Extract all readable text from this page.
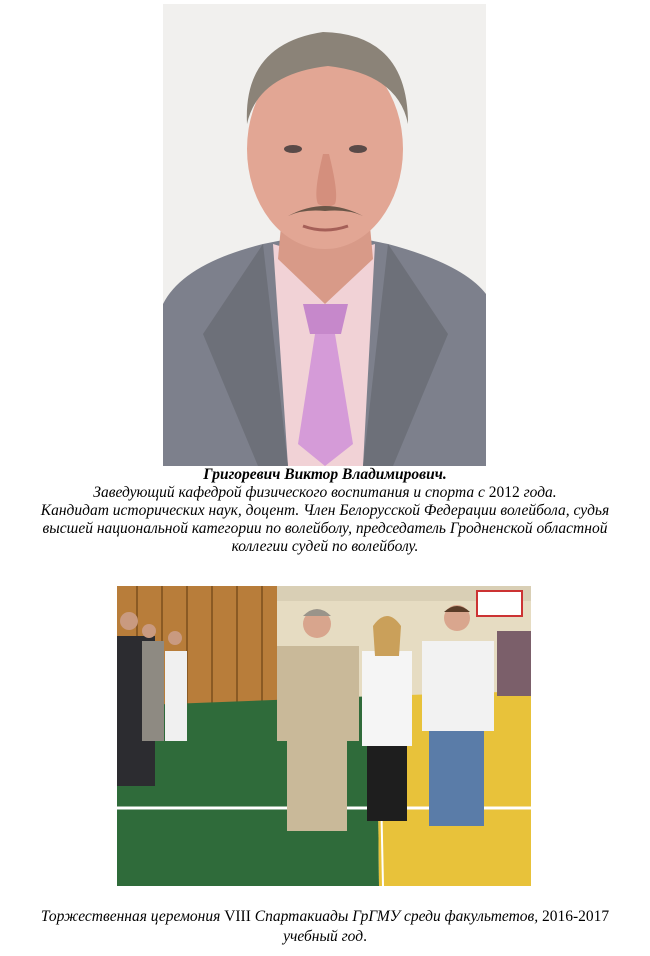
Григоревич Виктор Владимирович.
Заведующий кафедрой физического воспитания и спорта с 2012 года.
Кандидат исторических наук, доцент. Член Белорусской Федерации волейбола, судья
высшей национальной категории по волейболу, председатель Гродненской областной
коллегии судей по волейболу.
Торжественная церемония VIII Спартакиады ГрГМУ среди факультетов, 2016-2017
учебный год.
